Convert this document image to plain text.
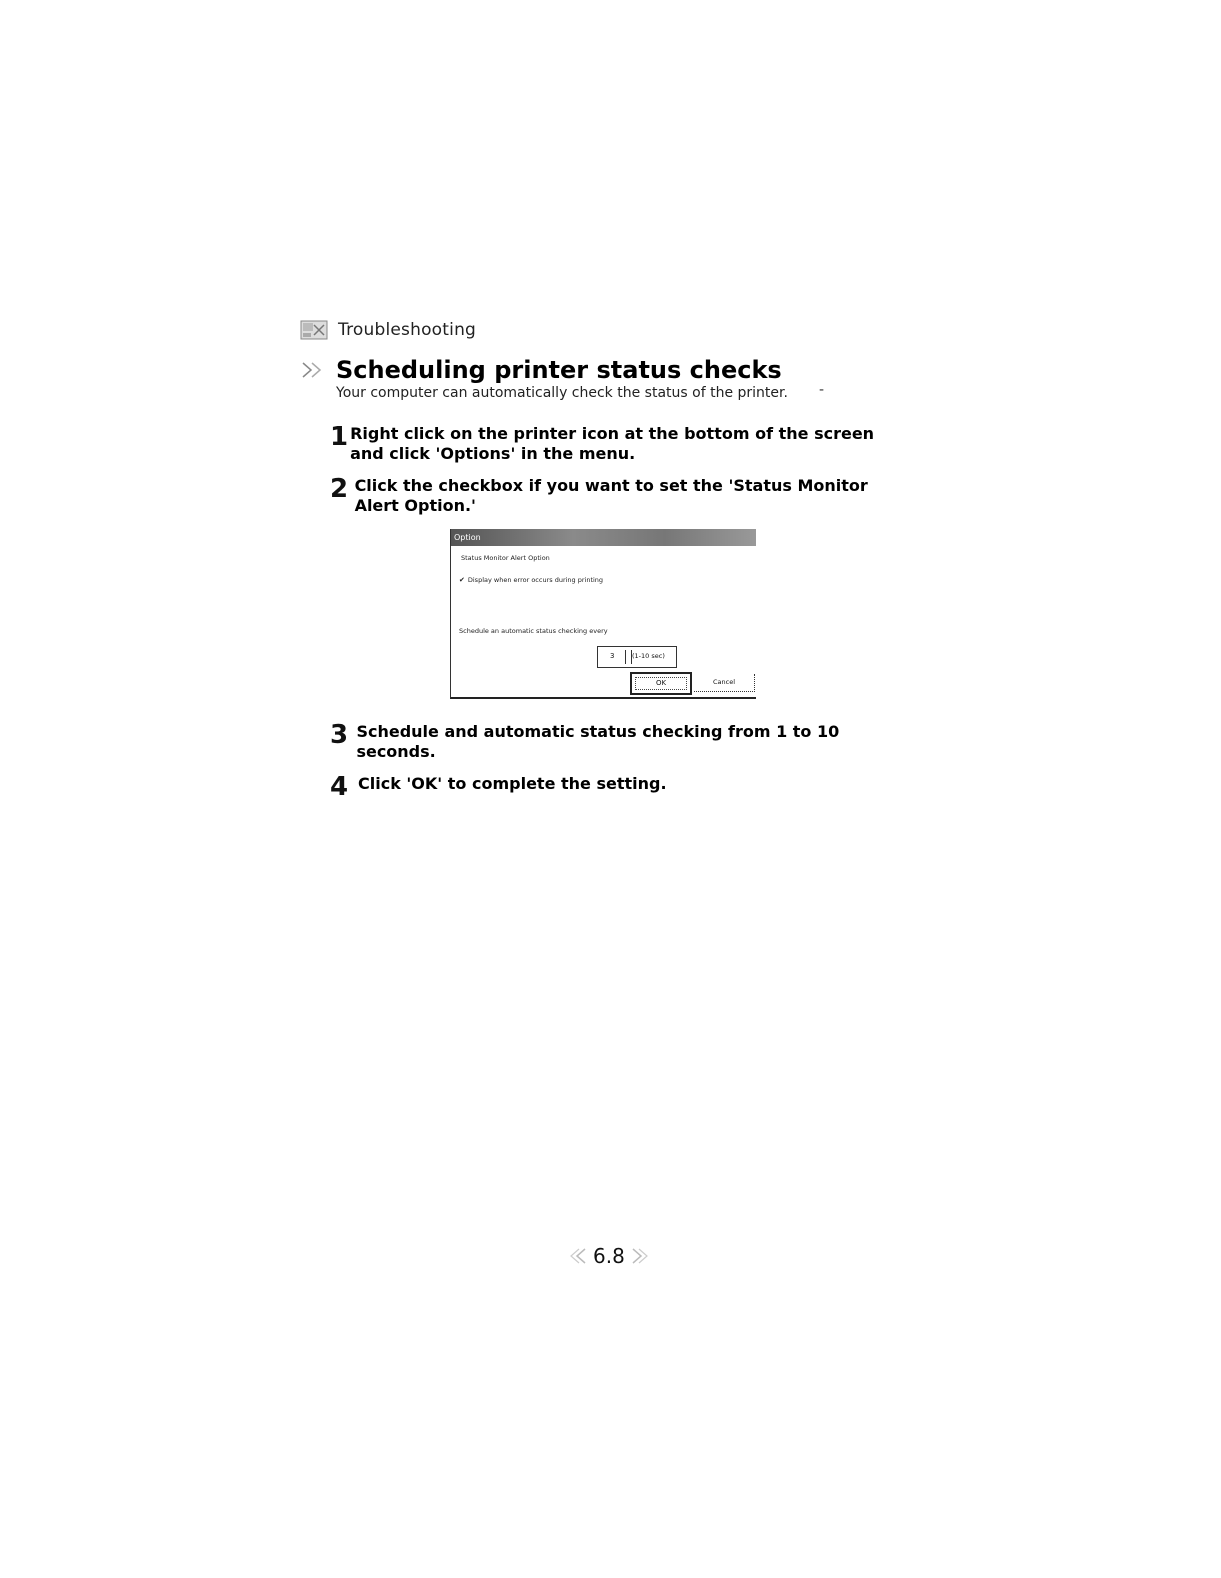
Troubleshooting
Scheduling printer status checks
Your computer can automatically check the status of the printer. -
1 Right click on the printer icon at the bottom of the screen and click 'Options' in the menu.
2 Click the checkbox if you want to set the 'Status Monitor Alert Option.'
Option
Status Monitor Alert Option
✔ Display when error occurs during printing
Schedule an automatic status checking every
3	(1-10 sec)
OK	Cancel
3 Schedule and automatic status checking from 1 to 10 seconds.
4 Click 'OK' to complete the setting.
6.8
